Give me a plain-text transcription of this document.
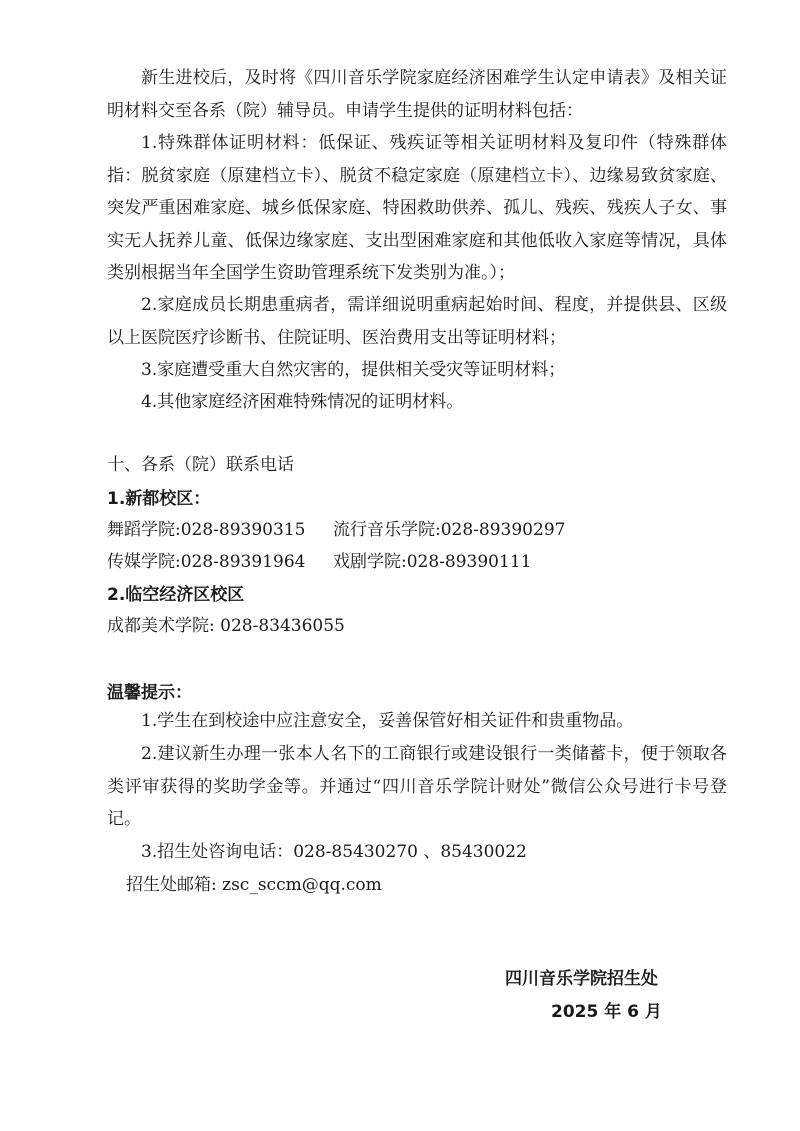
新生进校后，及时将《四川音乐学院家庭经济困难学生认定申请表》及相关证明材料交至各系（院）辅导员。申请学生提供的证明材料包括：

1.特殊群体证明材料：低保证、残疾证等相关证明材料及复印件（特殊群体指：脱贫家庭（原建档立卡）、脱贫不稳定家庭（原建档立卡）、边缘易致贫家庭、突发严重困难家庭、城乡低保家庭、特困救助供养、孤儿、残疾、残疾人子女、事实无人抚养儿童、低保边缘家庭、支出型困难家庭和其他低收入家庭等情况，具体类别根据当年全国学生资助管理系统下发类别为准。）；

2.家庭成员长期患重病者，需详细说明重病起始时间、程度，并提供县、区级以上医院医疗诊断书、住院证明、医治费用支出等证明材料；

3.家庭遭受重大自然灾害的，提供相关受灾等证明材料；

4.其他家庭经济困难特殊情况的证明材料。

十、各系（院）联系电话
1.新都校区：
舞蹈学院:028-89390315 流行音乐学院:028-89390297
传媒学院:028-89391964 戏剧学院:028-89390111
2.临空经济区校区
成都美术学院: 028-83436055
温馨提示：

1.学生在到校途中应注意安全，妥善保管好相关证件和贵重物品。

2.建议新生办理一张本人名下的工商银行或建设银行一类储蓄卡，便于领取各类评审获得的奖助学金等。并通过“四川音乐学院计财处”微信公众号进行卡号登记。

3.招生处咨询电话：028-85430270 、85430022

招生处邮箱: zsc_sccm@qq.com
四川音乐学院招生处
2025 年 6 月
